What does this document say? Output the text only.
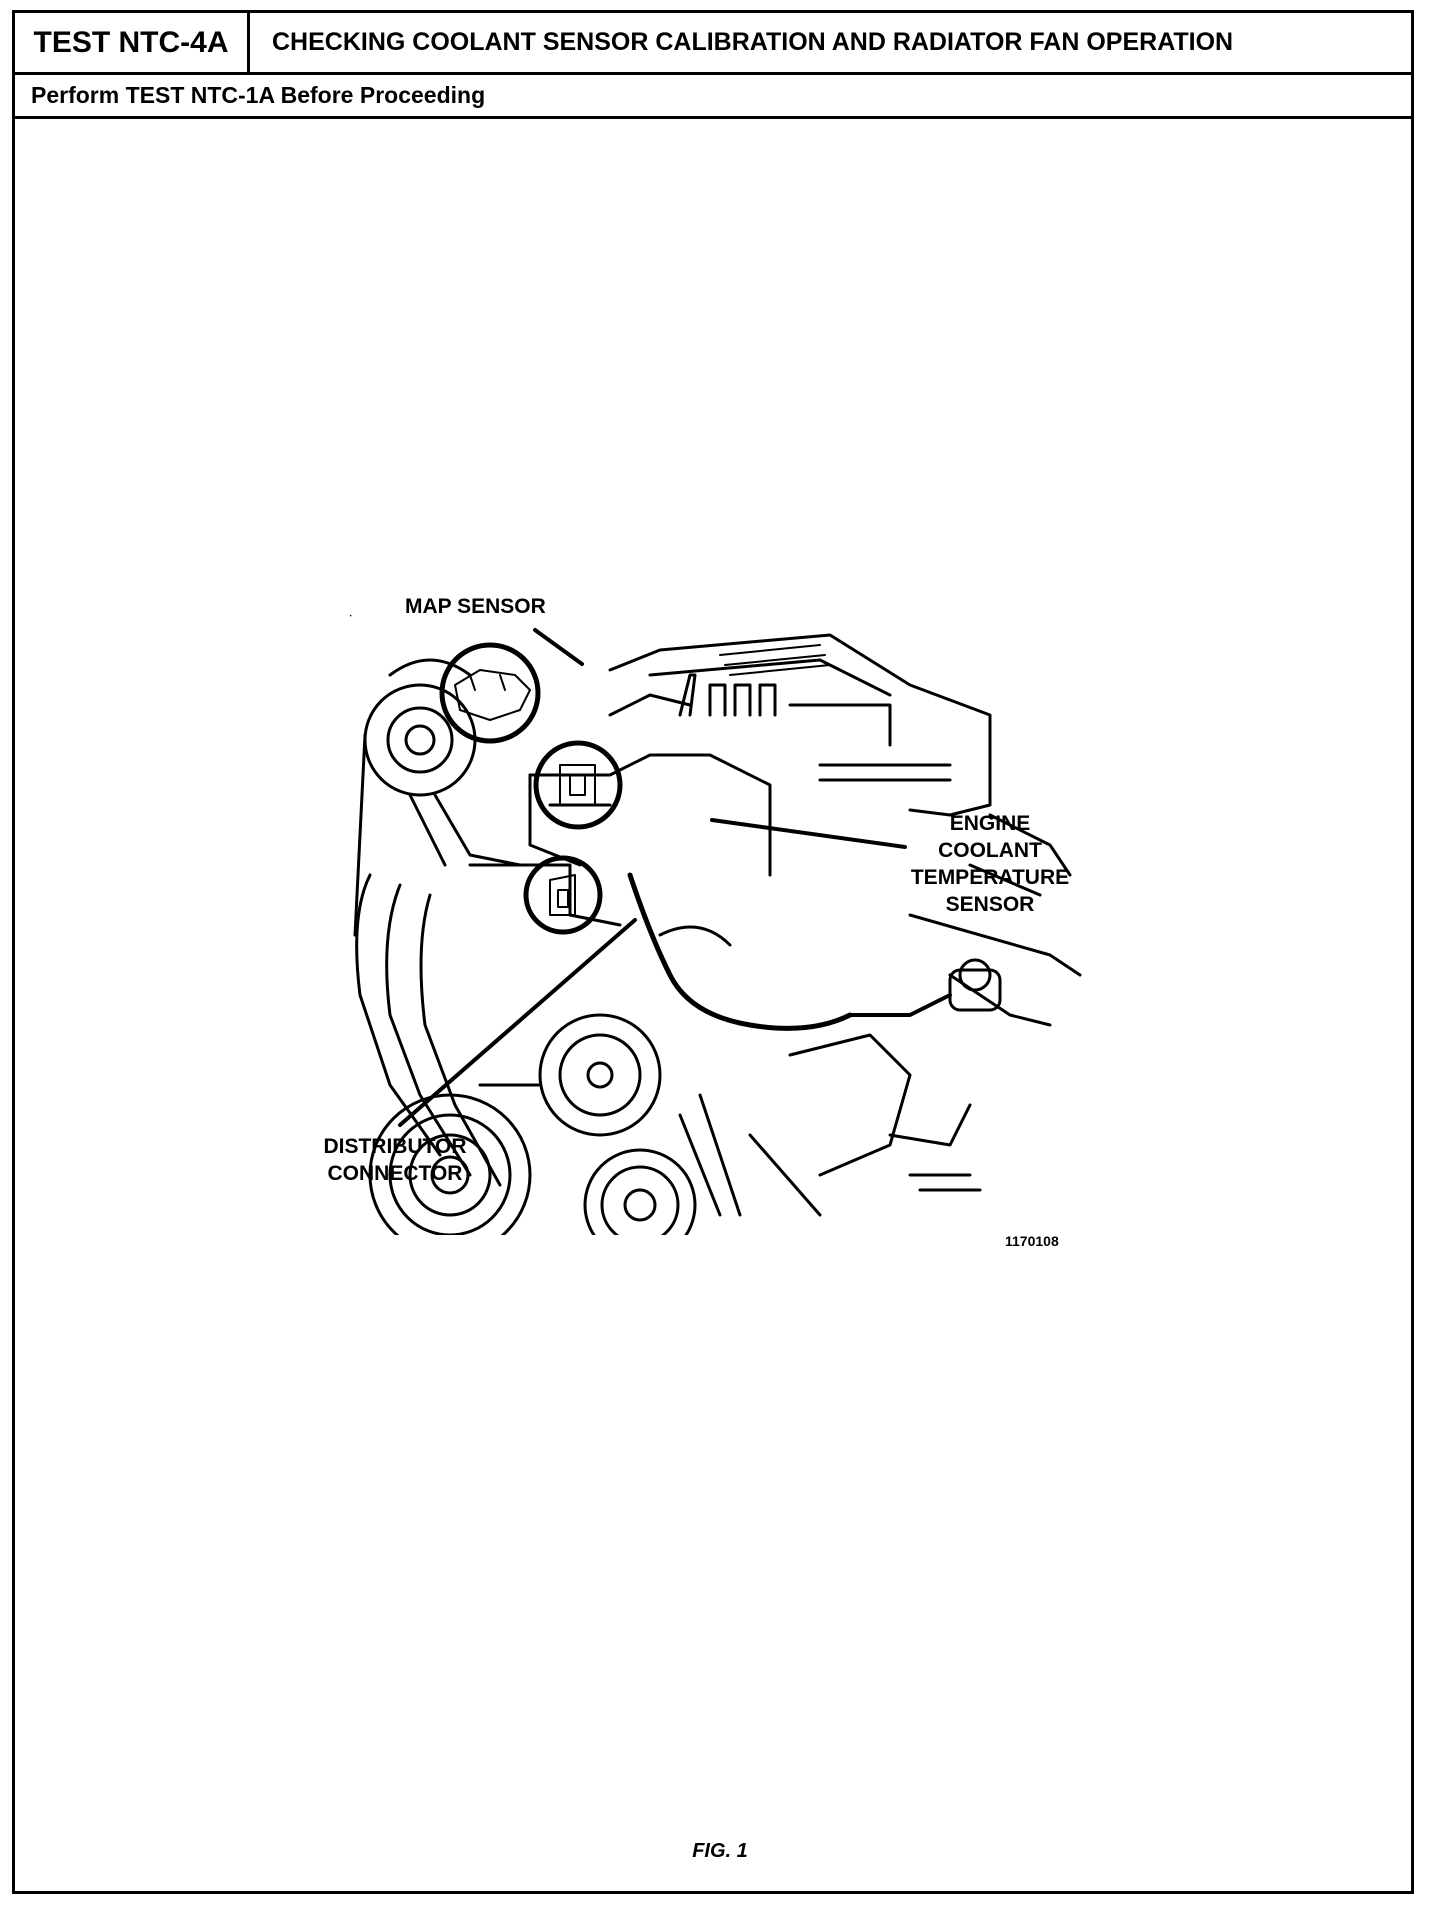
TEST NTC-4A CHECKING COOLANT SENSOR CALIBRATION AND RADIATOR FAN OPERATION
Perform TEST NTC-1A Before Proceeding
MAP SENSOR
ENGINE
COOLANT
TEMPERATURE
SENSOR
DISTRIBUTOR
CONNECTOR
1170108
FIG. 1
